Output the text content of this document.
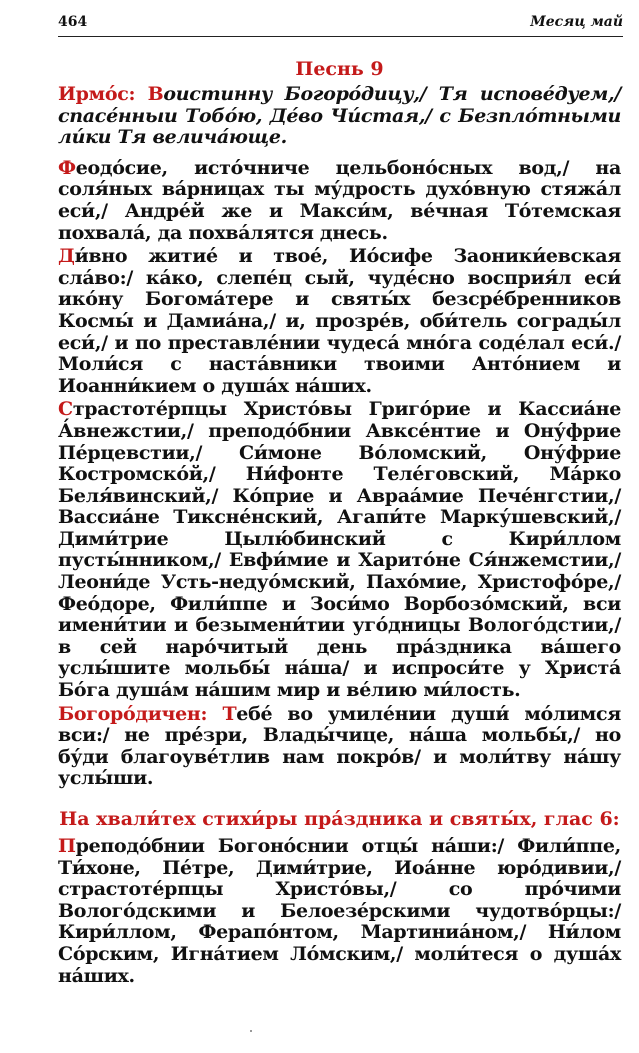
464	Месяц май
Песнь 9

Ирмо́с: Воистинну Богоро́дицу,/ Тя испове́дуем,/ спасе́нныи Тобо́ю, Де́во Чи́стая,/ с Безпло́тными ли́ки Тя велича́юще.

Феодо́сие, исто́чниче цельбоно́сных вод,/ на соля́ных ва́рницах ты му́дрость духо́вную стяжа́л еси́,/ Андре́й же и Макси́м, ве́чная То́темская похвала́, да похва́лятся днесь.

Ди́вно житие́ и твое́, Ио́сифе Заоники́евская сла́во:/ ка́ко, слепе́ц сый, чуде́сно восприя́л еси́ ико́ну Богома́тере и святы́х безсре́бренников Космы́ и Дамиа́на,/ и, прозре́в, оби́тель сограды́л еси́,/ и по преставле́нии чудеса́ мно́га соде́лал еси́./ Моли́ся с наста́вники твоими Анто́нием и Иоанни́кием о душа́х на́ших.

Страстоте́рпцы Христо́вы Григо́рие и Кассиа́не А́внежстии,/ преподо́бнии Авксе́нтие и Ону́фрие Пе́рцевстии,/ Си́моне Во́ломский, Ону́фрие Костромско́й,/ Ни́фонте Теле́говский, Ма́рко Беля́винский,/ Ко́прие и Авраа́мие Пече́нгстии,/ Вассиа́не Тиксне́нский, Агапи́те Марку́шевский,/ Дими́трие Цылю́бинский с Кири́ллом пусты́нником,/ Евфи́мие и Харито́не Ся́нжемстии,/ Леони́де Усть-недуо́мский, Пахо́мие, Христофо́ре,/ Фео́доре, Фили́ппе и Зоси́мо Ворбозо́мский, вси имени́тии и безымени́тии уго́дницы Волого́дстии,/ в сей наро́читый день пра́здника ва́шего услы́шите мольбы́ на́ша/ и испроси́те у Христа́ Бо́га душа́м на́шим мир и ве́лию ми́лость.

Богоро́дичен: Тебе́ во умиле́нии души́ мо́лимся вси:/ не пре́зри, Влады́чице, на́ша мольбы́,/ но бу́ди благоуве́тлив нам покро́в/ и моли́тву на́шу услы́ши.

На хвали́тех стихи́ры пра́здника и святы́х, глас 6:

Преподо́бнии Богоно́снии отцы́ на́ши:/ Фили́ппе, Ти́хоне, Пе́тре, Дими́трие, Иоа́нне юро́дивии,/ страстоте́рпцы Христо́вы,/ со про́чими Волого́дскими и Белоезе́рскими чудотво́рцы:/ Кири́ллом, Ферапо́нтом, Мартиниа́ном,/ Ни́лом Со́рским, Игна́тием Ло́мским,/ моли́теся о душа́х на́ших.
